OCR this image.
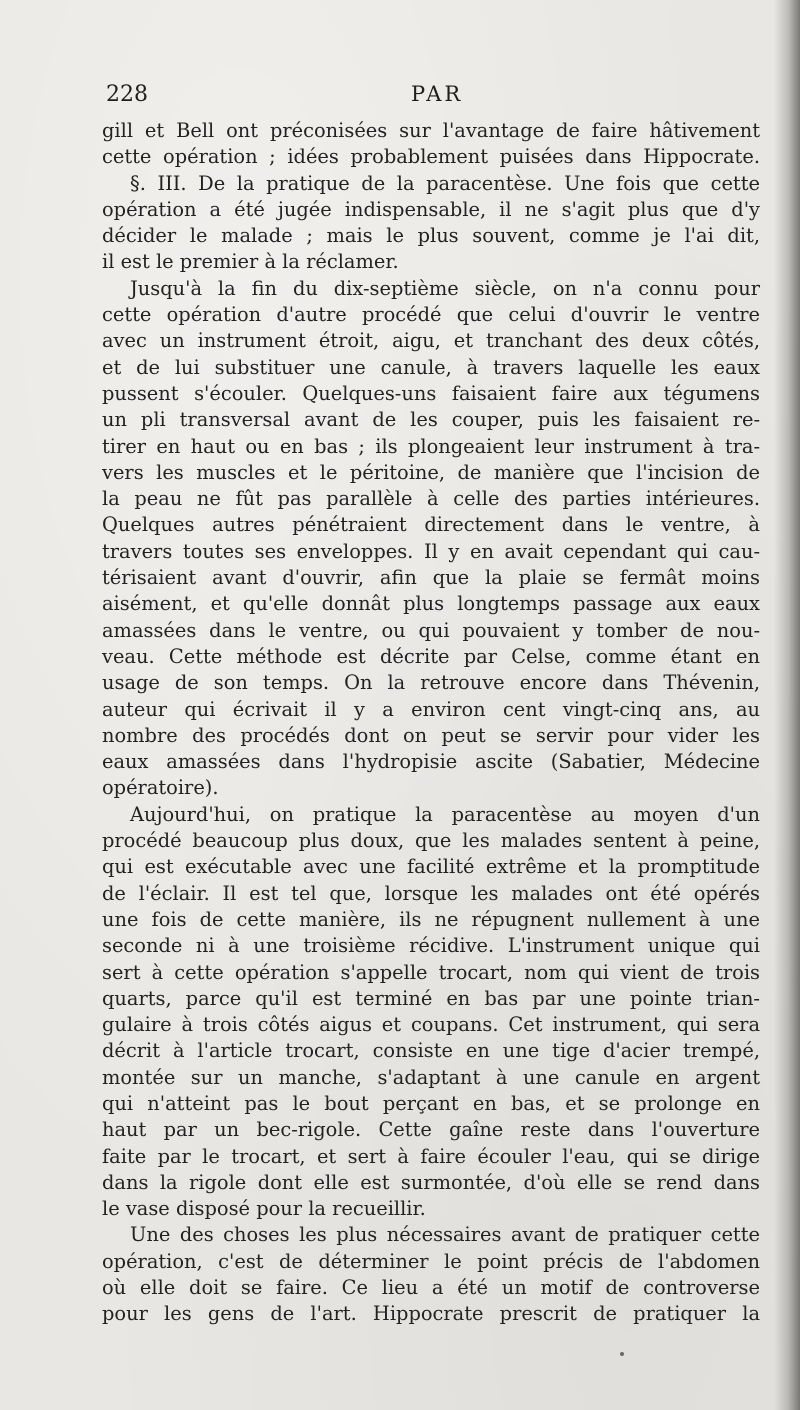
228	PAR
gill et Bell ont préconisées sur l'avantage de faire hâtivement
cette opération ; idées probablement puisées dans Hippocrate.
§. III. De la pratique de la paracentèse. Une fois que cette
opération a été jugée indispensable, il ne s'agit plus que d'y
décider le malade ; mais le plus souvent, comme je l'ai dit,
il est le premier à la réclamer.
Jusqu'à la fin du dix-septième siècle, on n'a connu pour
cette opération d'autre procédé que celui d'ouvrir le ventre
avec un instrument étroit, aigu, et tranchant des deux côtés,
et de lui substituer une canule, à travers laquelle les eaux
pussent s'écouler. Quelques-uns faisaient faire aux tégumens
un pli transversal avant de les couper, puis les faisaient re-
tirer en haut ou en bas ; ils plongeaient leur instrument à tra-
vers les muscles et le péritoine, de manière que l'incision de
la peau ne fût pas parallèle à celle des parties intérieures.
Quelques autres pénétraient directement dans le ventre, à
travers toutes ses enveloppes. Il y en avait cependant qui cau-
térisaient avant d'ouvrir, afin que la plaie se fermât moins
aisément, et qu'elle donnât plus longtemps passage aux eaux
amassées dans le ventre, ou qui pouvaient y tomber de nou-
veau. Cette méthode est décrite par Celse, comme étant en
usage de son temps. On la retrouve encore dans Thévenin,
auteur qui écrivait il y a environ cent vingt-cinq ans, au
nombre des procédés dont on peut se servir pour vider les
eaux amassées dans l'hydropisie ascite (Sabatier, Médecine
opératoire).
Aujourd'hui, on pratique la paracentèse au moyen d'un
procédé beaucoup plus doux, que les malades sentent à peine,
qui est exécutable avec une facilité extrême et la promptitude
de l'éclair. Il est tel que, lorsque les malades ont été opérés
une fois de cette manière, ils ne répugnent nullement à une
seconde ni à une troisième récidive. L'instrument unique qui
sert à cette opération s'appelle trocart, nom qui vient de trois
quarts, parce qu'il est terminé en bas par une pointe trian-
gulaire à trois côtés aigus et coupans. Cet instrument, qui sera
décrit à l'article trocart, consiste en une tige d'acier trempé,
montée sur un manche, s'adaptant à une canule en argent
qui n'atteint pas le bout perçant en bas, et se prolonge en
haut par un bec-rigole. Cette gaîne reste dans l'ouverture
faite par le trocart, et sert à faire écouler l'eau, qui se dirige
dans la rigole dont elle est surmontée, d'où elle se rend dans
le vase disposé pour la recueillir.
Une des choses les plus nécessaires avant de pratiquer cette
opération, c'est de déterminer le point précis de l'abdomen
où elle doit se faire. Ce lieu a été un motif de controverse
pour les gens de l'art. Hippocrate prescrit de pratiquer la
